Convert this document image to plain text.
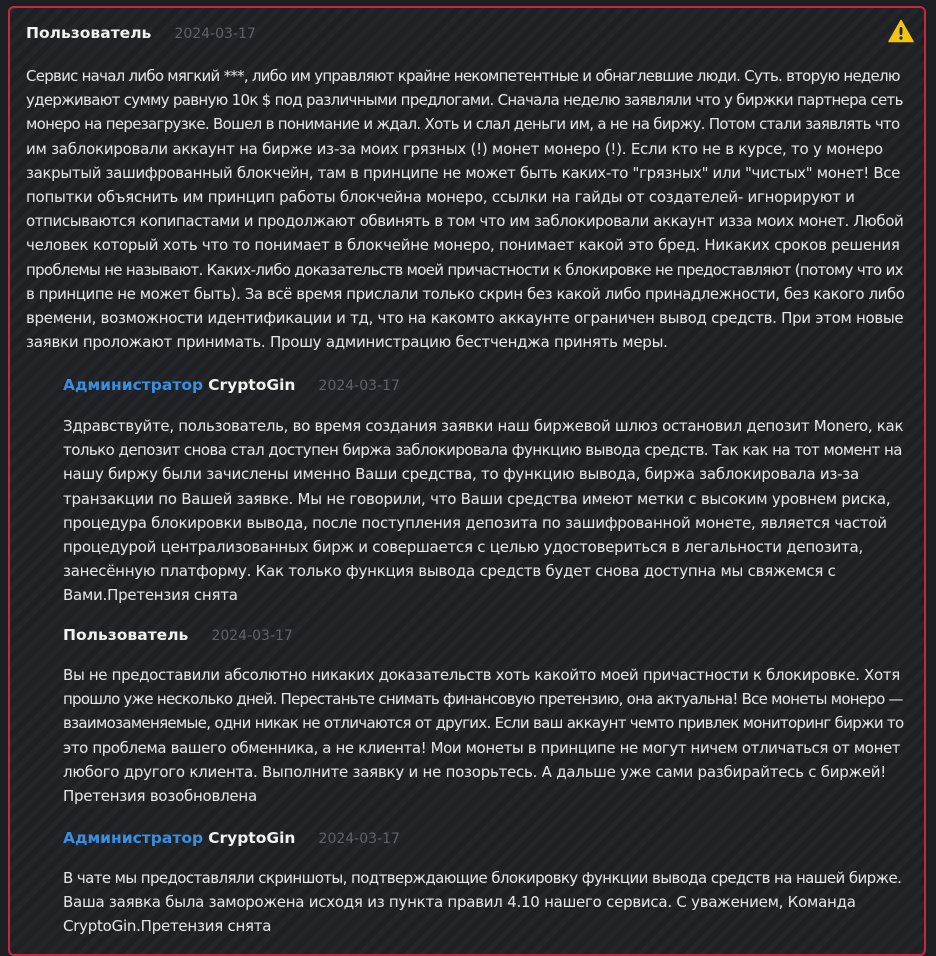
Пользователь 2024-03-17
Сервис начал либо мягкий ***, либо им управляют крайне некомпетентные и обнаглевшие люди. Суть. вторую неделю
удерживают сумму равную 10к $ под различными предлогами. Сначала неделю заявляли что у биржки партнера сеть
монеро на перезагрузке. Вошел в понимание и ждал. Хоть и слал деньги им, а не на биржу. Потом стали заявлять что
им заблокировали аккаунт на бирже из-за моих грязных (!) монет монеро (!). Если кто не в курсе, то у монеро
закрытый зашифрованный блокчейн, там в принципе не может быть каких-то "грязных" или "чистых" монет! Все
попытки объяснить им принцип работы блокчейна монеро, ссылки на гайды от создателей- игнорируют и
отписываются копипастами и продолжают обвинять в том что им заблокировали аккаунт изза моих монет. Любой
человек который хоть что то понимает в блокчейне монеро, понимает какой это бред. Никаких сроков решения
проблемы не называют. Каких-либо доказательств моей причастности к блокировке не предоставляют (потому что их
в принципе не может быть). За всё время прислали только скрин без какой либо принадлежности, без какого либо
времени, возможности идентификации и тд, что на какомто аккаунте ограничен вывод средств. При этом новые
заявки проложают принимать. Прошу администрацию бестченджа принять меры.
Администратор CryptoGin 2024-03-17
Здравствуйте, пользователь, во время создания заявки наш биржевой шлюз остановил депозит Monero, как
только депозит снова стал доступен биржа заблокировала функцию вывода средств. Так как на тот момент на
нашу биржу были зачислены именно Ваши средства, то функцию вывода, биржа заблокировала из-за
транзакции по Вашей заявке. Мы не говорили, что Ваши средства имеют метки с высоким уровнем риска,
процедура блокировки вывода, после поступления депозита по зашифрованной монете, является частой
процедурой централизованных бирж и совершается с целью удостовериться в легальности депозита,
занесённую платформу. Как только функция вывода средств будет снова доступна мы свяжемся с
Вами.Претензия снята
Пользователь 2024-03-17
Вы не предоставили абсолютно никаких доказательств хоть какойто моей причастности к блокировке. Хотя
прошло уже несколько дней. Перестаньте снимать финансовую претензию, она актуальна! Все монеты монеро —
взаимозаменяемые, одни никак не отличаются от других. Если ваш аккаунт чемто привлек мониторинг биржи то
это проблема вашего обменника, а не клиента! Мои монеты в принципе не могут ничем отличаться от монет
любого другого клиента. Выполните заявку и не позорьтесь. А дальше уже сами разбирайтесь с биржей!
Претензия возобновлена
Администратор CryptoGin 2024-03-17
В чате мы предоставляли скриншоты, подтверждающие блокировку функции вывода средств на нашей бирже.
Ваша заявка была заморожена исходя из пункта правил 4.10 нашего сервиса. С уважением, Команда
CryptoGin.Претензия снята
